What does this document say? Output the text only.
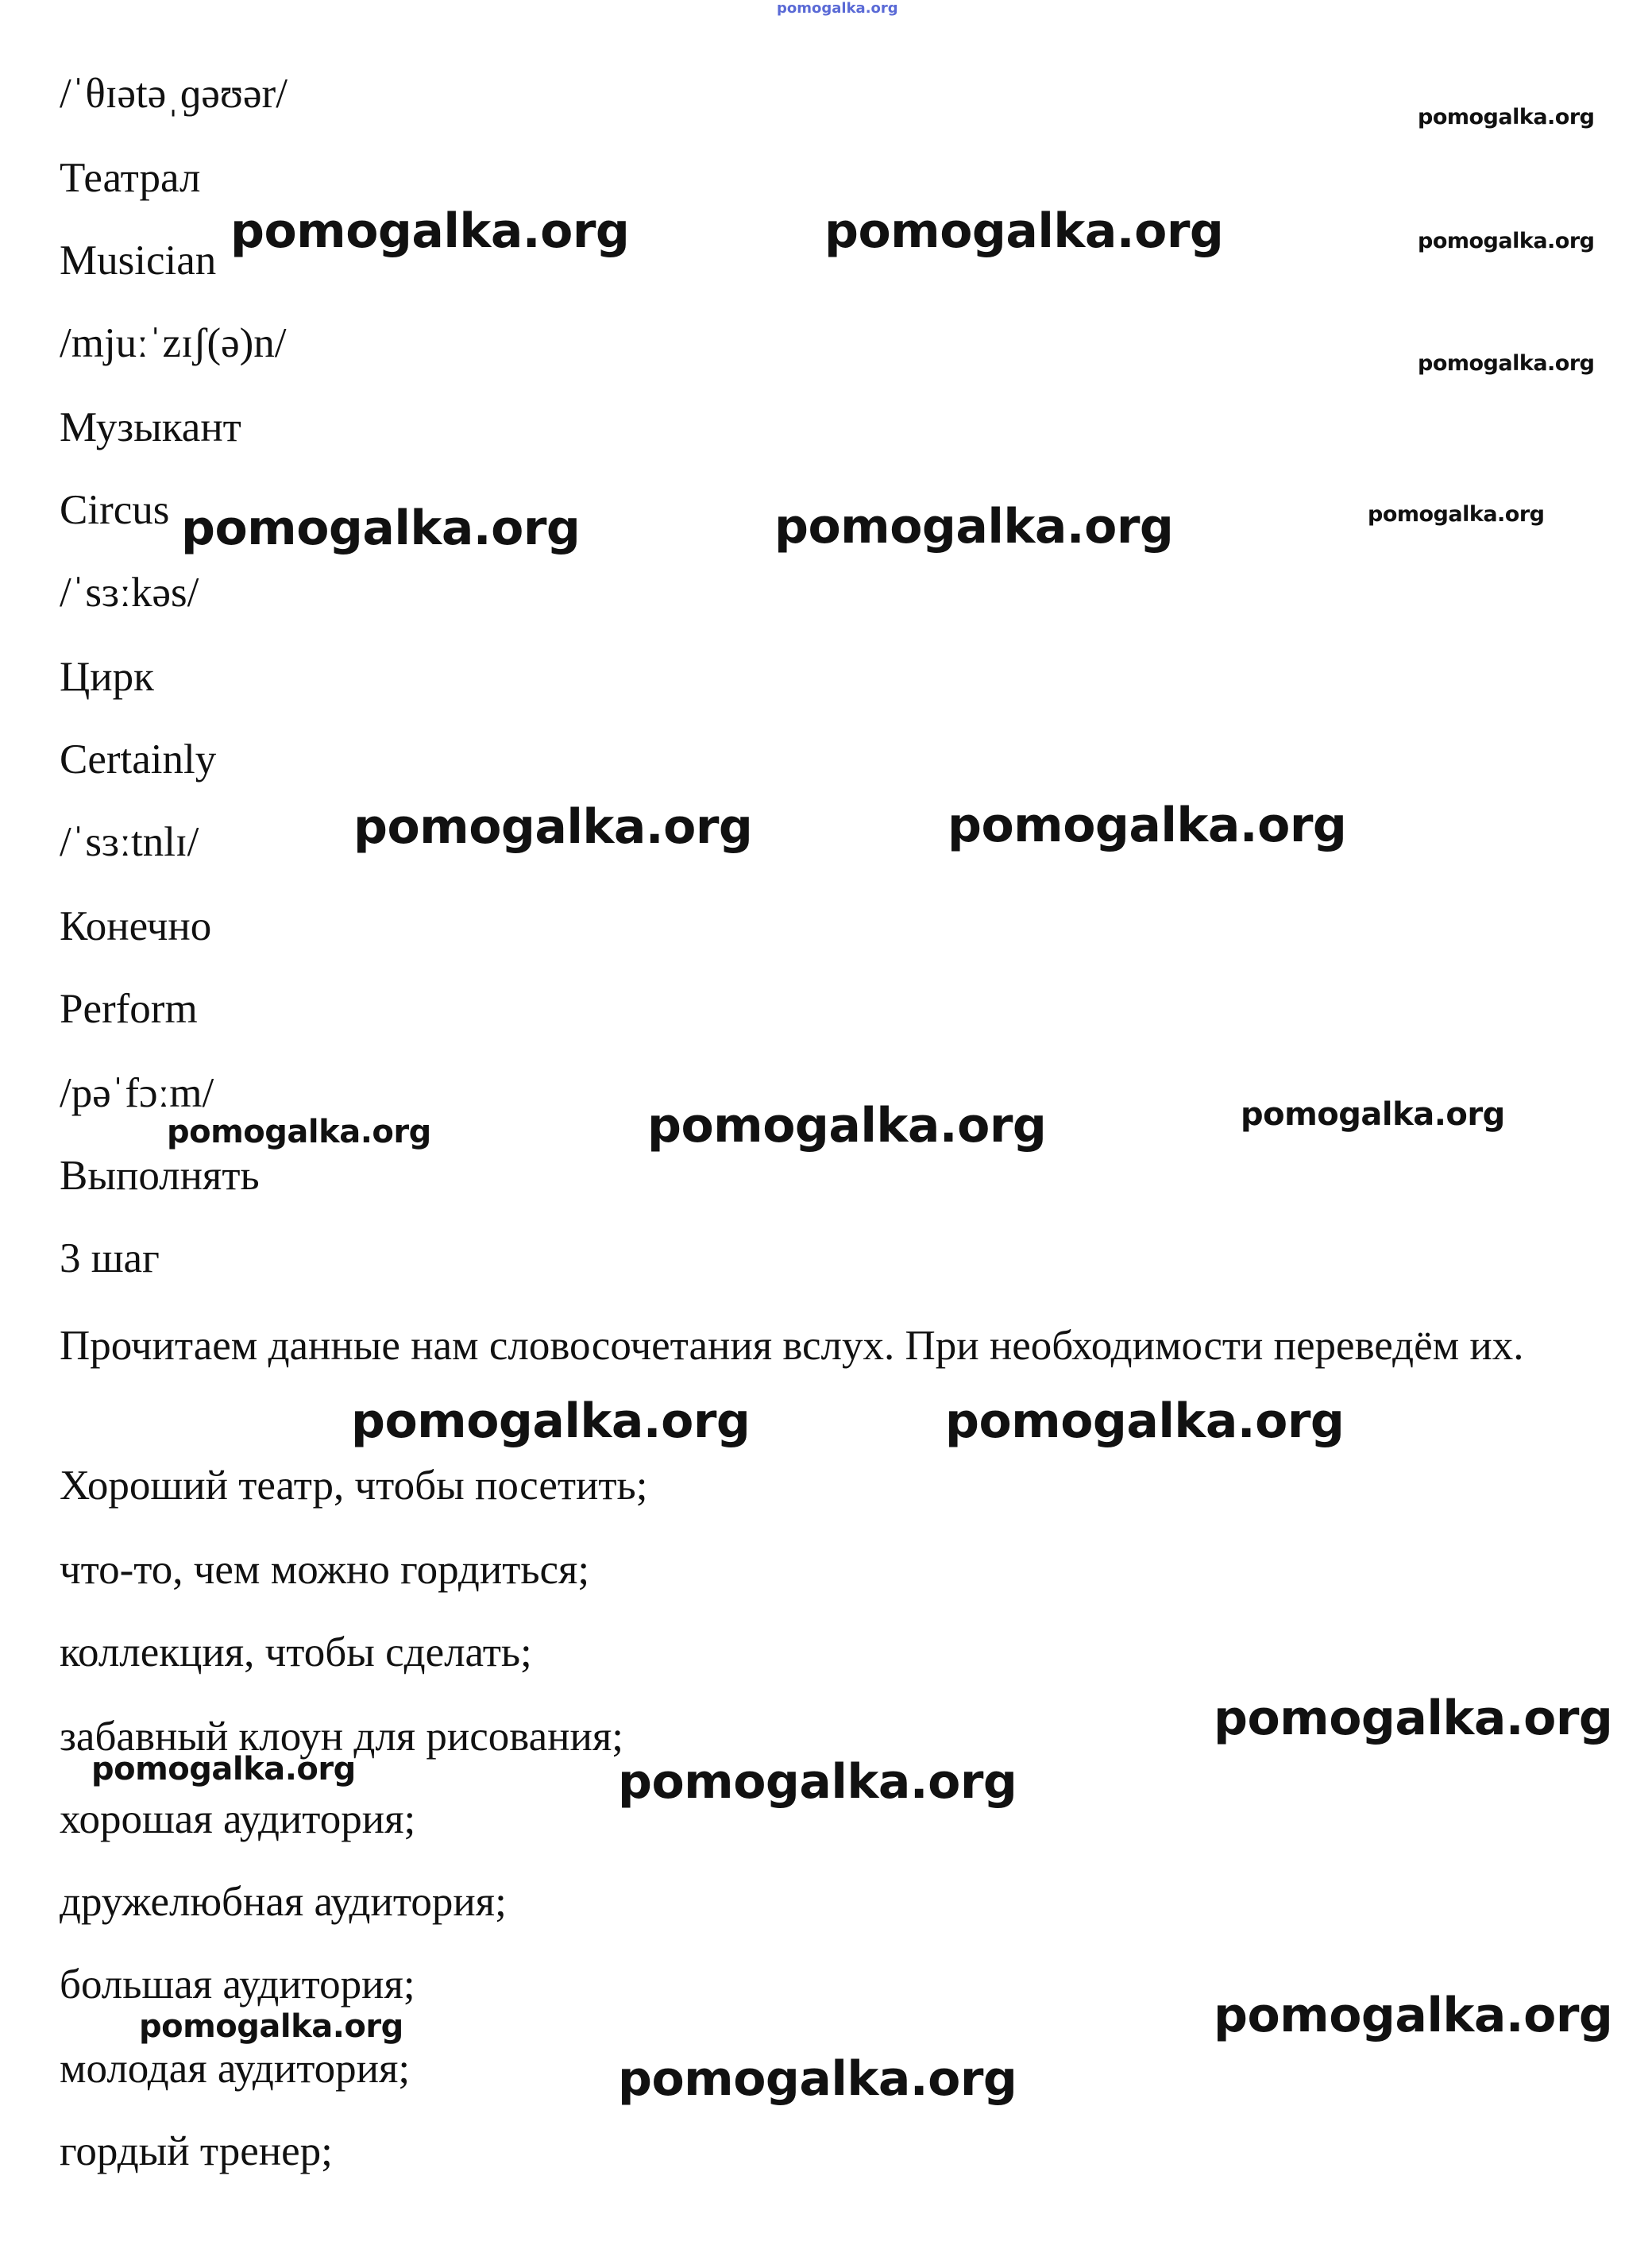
pomogalka.org

/ˈθɪətəˌɡəʊər/

Театрал

Musician

/mjuːˈzɪʃ(ə)n/

Музыкант

Circus

/ˈsɜːkəs/

Цирк

Certainly

/ˈsɜːtnlɪ/

Конечно

Perform

/pəˈfɔːm/

Выполнять

3 шаг

Прочитаем данные нам словосочетания вслух. При необходимости переведём их.

Хороший театр, чтобы посетить;

что-то, чем можно гордиться;

коллекция, чтобы сделать;

забавный клоун для рисования;

хорошая аудитория;

дружелюбная аудитория;

большая аудитория;

молодая аудитория;

гордый тренер;

pomogalka.org
pomogalka.org	pomogalka.org	pomogalka.org
pomogalka.org
pomogalka.org	pomogalka.org	pomogalka.org
pomogalka.org	pomogalka.org
pomogalka.org	pomogalka.org	pomogalka.org
pomogalka.org	pomogalka.org
pomogalka.org
pomogalka.org	pomogalka.org
pomogalka.org	pomogalka.org
pomogalka.org
